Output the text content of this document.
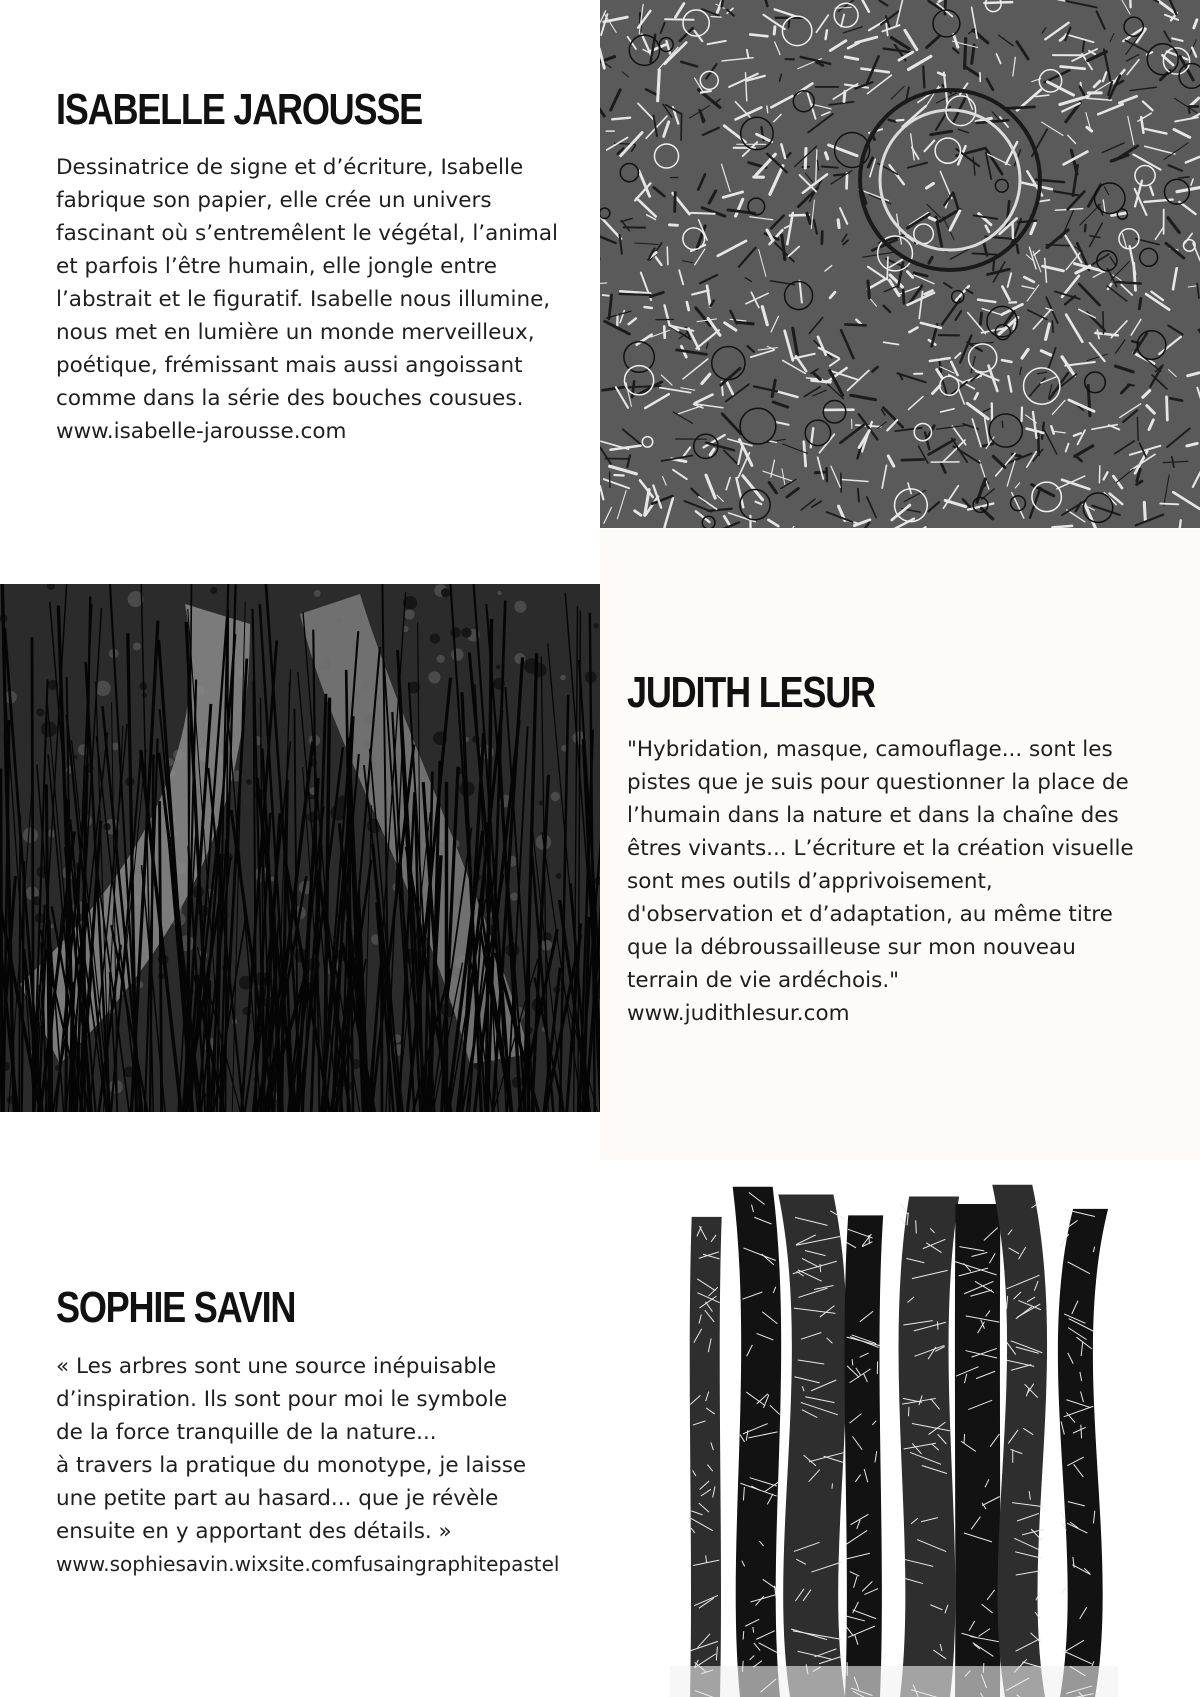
ISABELLE JAROUSSE

Dessinatrice de signe et d’écriture, Isabelle
fabrique son papier, elle crée un univers
fascinant où s’entremêlent le végétal, l’animal
et parfois l’être humain, elle jongle entre
l’abstrait et le figuratif. Isabelle nous illumine,
nous met en lumière un monde merveilleux,
poétique, frémissant mais aussi angoissant
comme dans la série des bouches cousues.
www.isabelle-jarousse.com

JUDITH LESUR

"Hybridation, masque, camouflage... sont les
pistes que je suis pour questionner la place de
l’humain dans la nature et dans la chaîne des
êtres vivants... L’écriture et la création visuelle
sont mes outils d’apprivoisement,
d'observation et d’adaptation, au même titre
que la débroussailleuse sur mon nouveau
terrain de vie ardéchois."
www.judithlesur.com

SOPHIE SAVIN

« Les arbres sont une source inépuisable
d’inspiration. Ils sont pour moi le symbole
de la force tranquille de la nature...
à travers la pratique du monotype, je laisse
une petite part au hasard... que je révèle
ensuite en y apportant des détails. »
www.sophiesavin.wixsite.comfusaingraphitepastel
